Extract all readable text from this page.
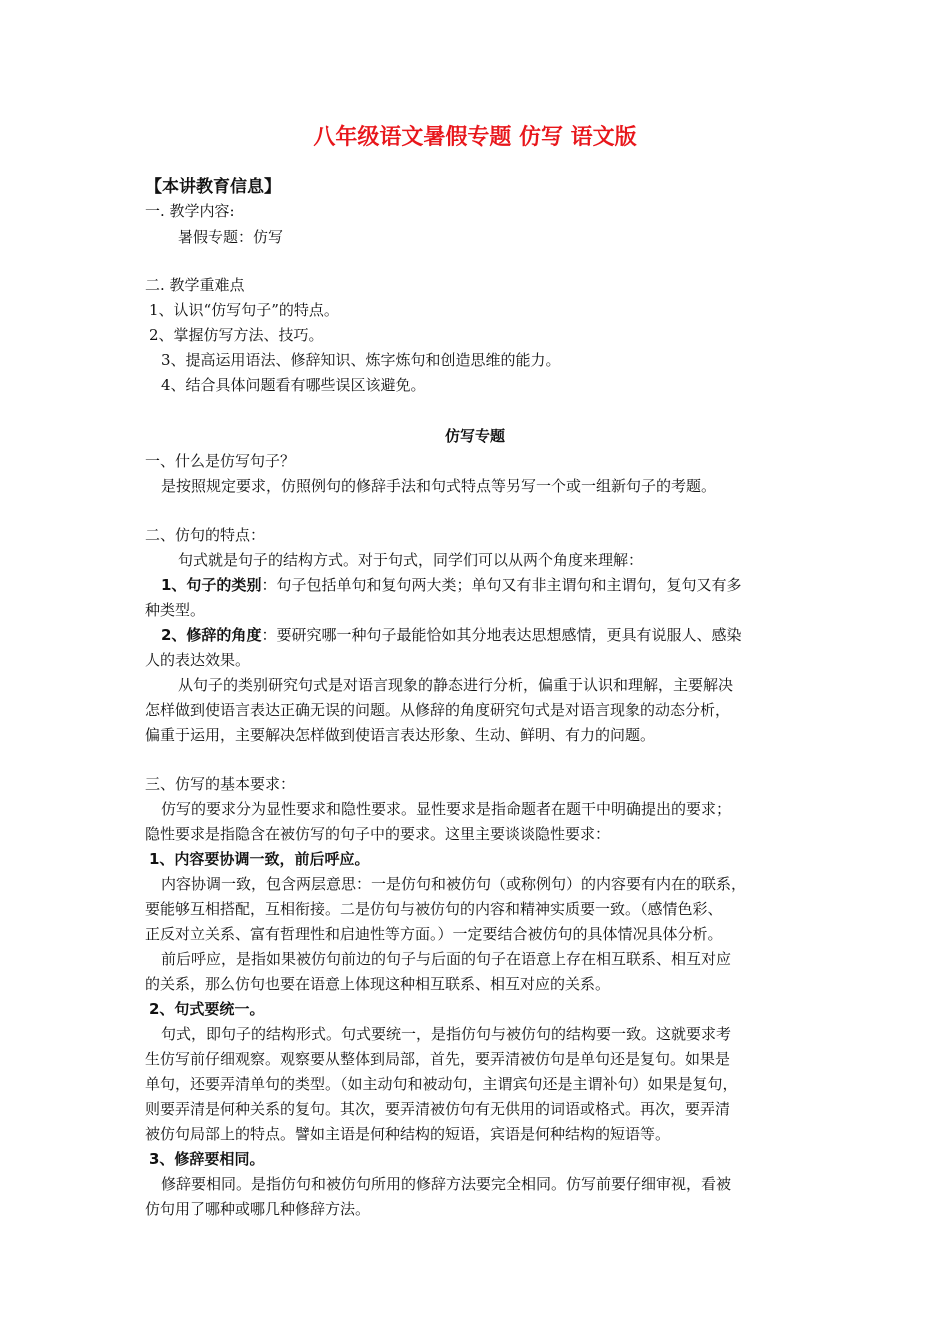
八年级语文暑假专题 仿写 语文版
【本讲教育信息】
一. 教学内容:
暑假专题：仿写
二. 教学重难点
1、认识“仿写句子”的特点。
2、掌握仿写方法、技巧。
3、提高运用语法、修辞知识、炼字炼句和创造思维的能力。
4、结合具体问题看有哪些误区该避免。
仿写专题
一、什么是仿写句子？
是按照规定要求，仿照例句的修辞手法和句式特点等另写一个或一组新句子的考题。
二、仿句的特点：
句式就是句子的结构方式。对于句式，同学们可以从两个角度来理解：
1、句子的类别：句子包括单句和复句两大类；单句又有非主谓句和主谓句，复句又有多
种类型。
2、修辞的角度：要研究哪一种句子最能恰如其分地表达思想感情，更具有说服人、感染
人的表达效果。
从句子的类别研究句式是对语言现象的静态进行分析，偏重于认识和理解，主要解决
怎样做到使语言表达正确无误的问题。从修辞的角度研究句式是对语言现象的动态分析，
偏重于运用，主要解决怎样做到使语言表达形象、生动、鲜明、有力的问题。
三、仿写的基本要求：
仿写的要求分为显性要求和隐性要求。显性要求是指命题者在题干中明确提出的要求；
隐性要求是指隐含在被仿写的句子中的要求。这里主要谈谈隐性要求：
1、内容要协调一致，前后呼应。
内容协调一致，包含两层意思：一是仿句和被仿句（或称例句）的内容要有内在的联系，
要能够互相搭配，互相衔接。二是仿句与被仿句的内容和精神实质要一致。（感情色彩、
正反对立关系、富有哲理性和启迪性等方面。）一定要结合被仿句的具体情况具体分析。
前后呼应，是指如果被仿句前边的句子与后面的句子在语意上存在相互联系、相互对应
的关系，那么仿句也要在语意上体现这种相互联系、相互对应的关系。
2、句式要统一。
句式，即句子的结构形式。句式要统一，是指仿句与被仿句的结构要一致。这就要求考
生仿写前仔细观察。观察要从整体到局部，首先，要弄清被仿句是单句还是复句。如果是
单句，还要弄清单句的类型。（如主动句和被动句，主谓宾句还是主谓补句）如果是复句，
则要弄清是何种关系的复句。其次，要弄清被仿句有无供用的词语或格式。再次，要弄清
被仿句局部上的特点。譬如主语是何种结构的短语，宾语是何种结构的短语等。
3、修辞要相同。
修辞要相同。是指仿句和被仿句所用的修辞方法要完全相同。仿写前要仔细审视，看被
仿句用了哪种或哪几种修辞方法。
